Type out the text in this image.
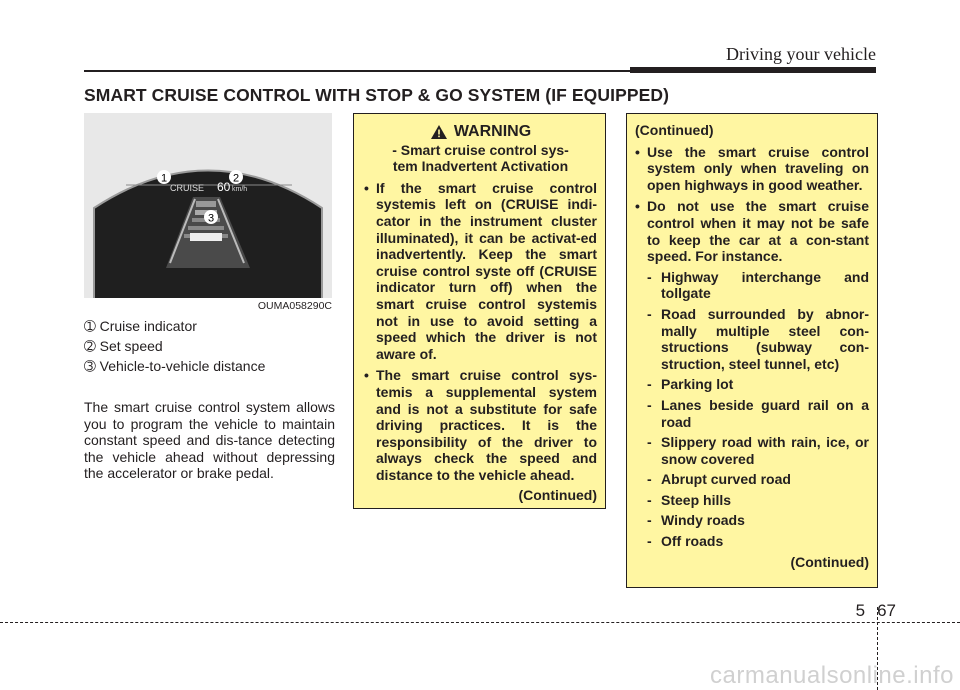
Driving your vehicle
SMART CRUISE CONTROL WITH STOP & GO SYSTEM (IF EQUIPPED)
1	2
3
CRUISE 60 km/h
OUMA058290C
➀ Cruise indicator
➁ Set speed
➂ Vehicle-to-vehicle distance
The smart cruise control system allows you to program the vehicle to maintain constant speed and dis-tance detecting the vehicle ahead without depressing the accelerator or brake pedal.
WARNING
- Smart cruise control sys-
tem Inadvertent Activation
• If the smart cruise control systemis left on (CRUISE indi-cator in the instrument cluster illuminated), it can be activat-ed inadvertently. Keep the smart cruise control syste off (CRUISE indicator turn off) when the smart cruise control systemis not in use to avoid setting a speed which the driver is not aware of.
• The smart cruise control sys-temis a supplemental system and is not a substitute for safe driving practices. It is the responsibility of the driver to always check the speed and distance to the vehicle ahead.
(Continued)
(Continued)
• Use the smart cruise control system only when traveling on open highways in good weather.
• Do not use the smart cruise control when it may not be safe to keep the car at a con-stant speed. For instance.
- Highway interchange and tollgate
- Road surrounded by abnor-mally multiple steel con-structions (subway con-struction, steel tunnel, etc)
- Parking lot
- Lanes beside guard rail on a road
- Slippery road with rain, ice, or snow covered
- Abrupt curved road
- Steep hills
- Windy roads
- Off roads
(Continued)
5 67
carmanualsonline.info
